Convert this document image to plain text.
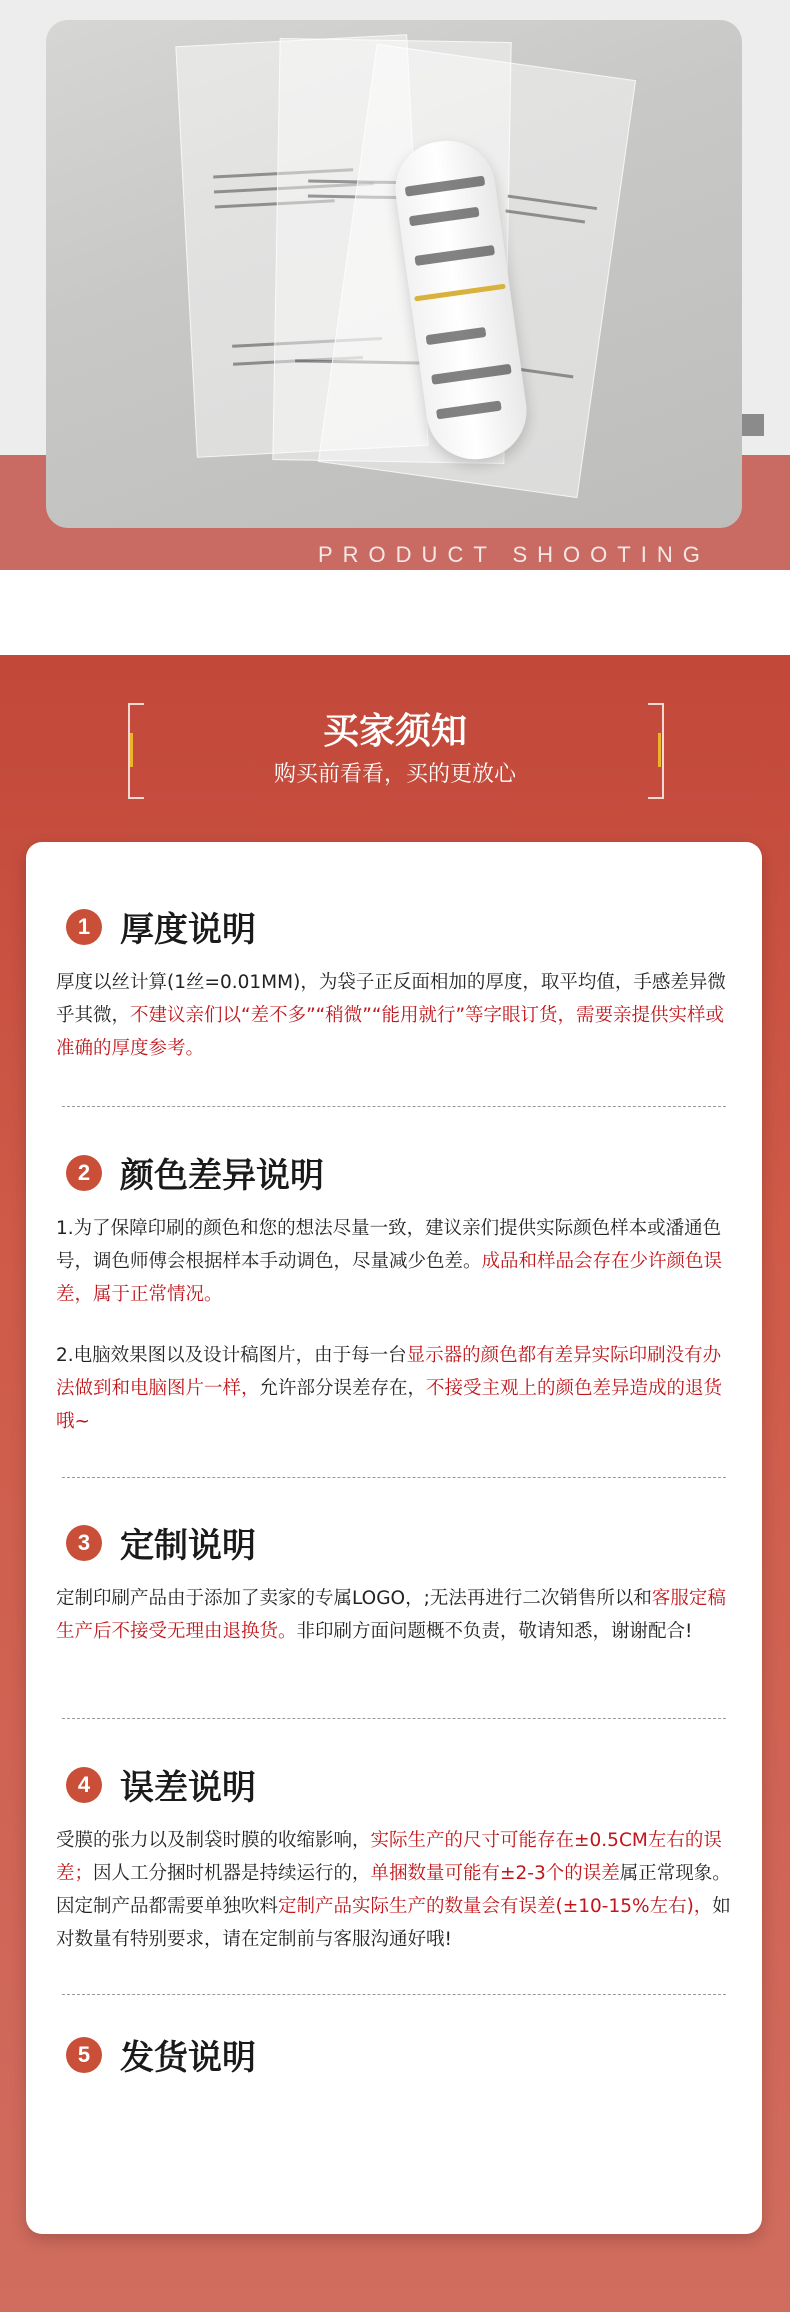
PRODUCT SHOOTING
买家须知
购买前看看，买的更放心
1 厚度说明
厚度以丝计算(1丝=0.01MM)，为袋子正反面相加的厚度，取平均值，手感差异微乎其微，不建议亲们以“差不多”“稍微”“能用就行”等字眼订货，需要亲提供实样或准确的厚度参考。
2 颜色差异说明
1.为了保障印刷的颜色和您的想法尽量一致，建议亲们提供实际颜色样本或潘通色号，调色师傅会根据样本手动调色，尽量减少色差。成品和样品会存在少许颜色误差，属于正常情况。
2.电脑效果图以及设计稿图片，由于每一台显示器的颜色都有差异实际印刷没有办法做到和电脑图片一样，允许部分误差存在，不接受主观上的颜色差异造成的退货哦~
3 定制说明
定制印刷产品由于添加了卖家的专属LOGO，;无法再进行二次销售所以和客服定稿生产后不接受无理由退换货。非印刷方面问题概不负责，敬请知悉，谢谢配合!
4 误差说明
受膜的张力以及制袋时膜的收缩影响，实际生产的尺寸可能存在±0.5CM左右的误差；因人工分捆时机器是持续运行的，单捆数量可能有±2-3个的误差属正常现象。因定制产品都需要单独吹料定制产品实际生产的数量会有误差(±10-15%左右)，如对数量有特别要求，请在定制前与客服沟通好哦!
5 发货说明
